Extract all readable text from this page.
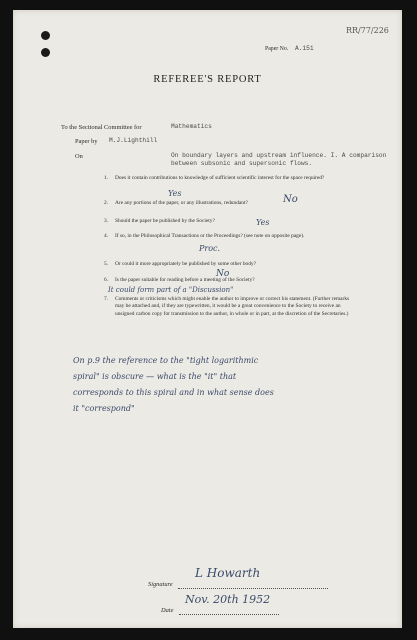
RR/77/226
Paper No. A.151
REFEREE'S REPORT
To the Sectional Committee for	Mathematics
Paper by M.J.Lighthill
On	On boundary layers and upstream influence. I. A comparison
between subsonic and supersonic flows.
1. Does it contain contributions to knowledge of sufficient scientific interest for the space required?
Yes
2. Are any portions of the paper, or any illustrations, redundant?	No
3. Should the paper be published by the Society?	Yes
4. If so, in the Philosophical Transactions or the Proceedings? (see note on opposite page).
Proc.
5. Or could it more appropriately be published by some other body?
No
6. Is the paper suitable for reading before a meeting of the Society?
It could form part of a "Discussion"
7. Comments or criticisms which might enable the author to improve or correct his statement. (Further remarks may be attached and, if they are typewritten, it would be a great convenience to the Society to receive an unsigned carbon copy for transmission to the author, in whole or in part, at the discretion of the Secretaries.)
On p.9 the reference to the "tight logarithmic
spiral" is obscure — what is the "it" that
corresponds to this spiral and in what sense does
it "correspond"
Signature
L Howarth
Date
Nov. 20th 1952
